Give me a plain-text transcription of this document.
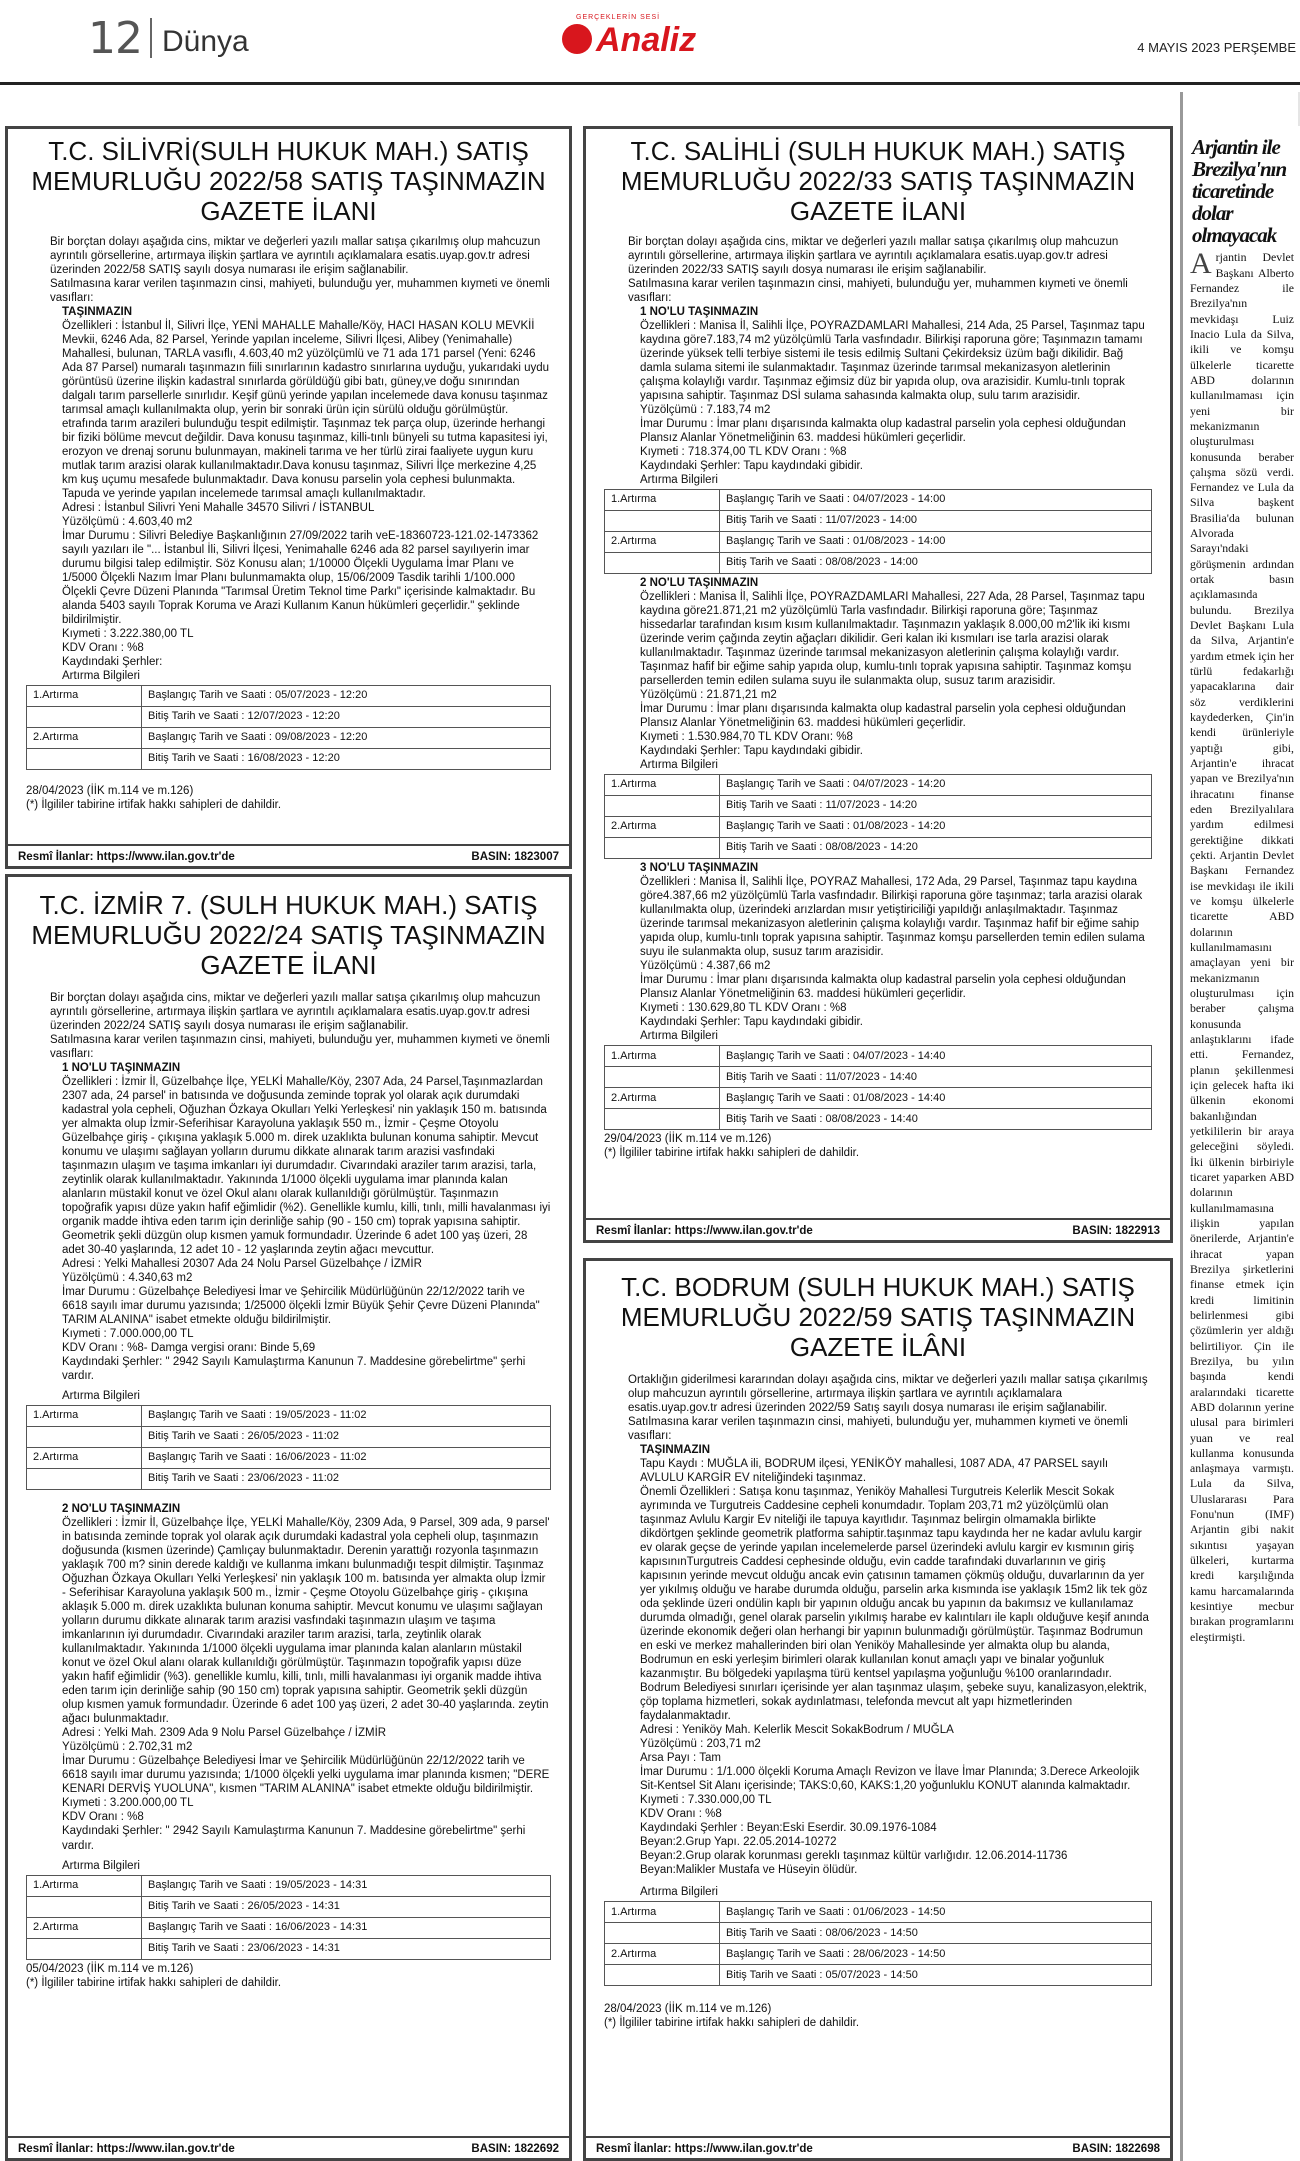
12 Dünya
GERÇEKLERİN SESİ
Analiz	4 MAYIS 2023 PERŞEMBE
T.C. SİLİVRİ(SULH HUKUK MAH.) SATIŞ MEMURLUĞU 2022/58 SATIŞ TAŞINMAZIN GAZETE İLANI

Bir borçtan dolayı aşağıda cins, miktar ve değerleri yazılı mallar satışa çıkarılmış olup mahcuzun ayrıntılı görsellerine, artırmaya ilişkin şartlara ve ayrıntılı açıklamalara esatis.uyap.gov.tr adresi üzerinden 2022/58 SATIŞ sayılı dosya numarası ile erişim sağlanabilir.

Satılmasına karar verilen taşınmazın cinsi, mahiyeti, bulunduğu yer, muhammen kıymeti ve önemli vasıfları:

TAŞINMAZIN

Özellikleri : İstanbul İl, Silivri İlçe, YENİ MAHALLE Mahalle/Köy, HACI HASAN KOLU MEVKİİ Mevkii, 6246 Ada, 82 Parsel, Yerinde yapılan inceleme, Silivri İlçesi, Alibey (Yenimahalle) Mahallesi, bulunan, TARLA vasıflı, 4.603,40 m2 yüzölçümlü ve 71 ada 171 parsel (Yeni: 6246 Ada 87 Parsel) numaralı taşınmazın fiili sınırlarının kadastro sınırlarına uyduğu, yukarıdaki uydu görüntüsü üzerine ilişkin kadastral sınırlarda görüldüğü gibi batı, güney,ve doğu sınırından dalgalı tarım parsellerle sınırlıdır. Keşif günü yerinde yapılan incelemede dava konusu taşınmaz tarımsal amaçlı kullanılmakta olup, yerin bir sonraki ürün için sürülü olduğu görülmüştür. etrafında tarım arazileri bulunduğu tespit edilmiştir. Taşınmaz tek parça olup, üzerinde herhangi bir fiziki bölüme mevcut değildir. Dava konusu taşınmaz, killi-tınlı bünyeli su tutma kapasitesi iyi, erozyon ve drenaj sorunu bulunmayan, makineli tarıma ve her türlü zirai faaliyete uygun kuru mutlak tarım arazisi olarak kullanılmaktadır.Dava konusu taşınmaz, Silivri İlçe merkezine 4,25 km kuş uçumu mesafede bulunmaktadır. Dava konusu parselin yola cephesi bulunmakta. Tapuda ve yerinde yapılan incelemede tarımsal amaçlı kullanılmaktadır.

Adresi : İstanbul Silivri Yeni Mahalle 34570 Silivri / İSTANBUL

Yüzölçümü : 4.603,40 m2

İmar Durumu : Silivri Belediye Başkanlığının 27/09/2022 tarih veE-18360723-121.02-1473362 sayılı yazıları ile "... İstanbul İli, Silivri İlçesi, Yenimahalle 6246 ada 82 parsel sayılıyerin imar durumu bilgisi talep edilmiştir. Söz Konusu alan; 1/10000 Ölçekli Uygulama İmar Planı ve 1/5000 Ölçekli Nazım İmar Planı bulunmamakta olup, 15/06/2009 Tasdik tarihli 1/100.000 Ölçekli Çevre Düzeni Planında "Tarımsal Üretim Teknol time Parkı" içerisinde kalmaktadır. Bu alanda 5403 sayılı Toprak Koruma ve Arazi Kullanım Kanun hükümleri geçerlidir." şeklinde bildirilmiştir.

Kıymeti : 3.222.380,00 TL

KDV Oranı : %8

Kaydındaki Şerhler:

Artırma Bilgileri

1.Artırma	Başlangıç Tarih ve Saati : 05/07/2023 - 12:20
	Bitiş Tarih ve Saati : 12/07/2023 - 12:20
2.Artırma	Başlangıç Tarih ve Saati : 09/08/2023 - 12:20
	Bitiş Tarih ve Saati : 16/08/2023 - 12:20

28/04/2023 (İİK m.114 ve m.126)

(*) İlgililer tabirine irtifak hakkı sahipleri de dahildir.

Resmî İlanlar: https://www.ilan.gov.tr'de	BASIN: 1823007
T.C. İZMİR 7. (SULH HUKUK MAH.) SATIŞ MEMURLUĞU 2022/24 SATIŞ TAŞINMAZIN GAZETE İLANI

Bir borçtan dolayı aşağıda cins, miktar ve değerleri yazılı mallar satışa çıkarılmış olup mahcuzun ayrıntılı görsellerine, artırmaya ilişkin şartlara ve ayrıntılı açıklamalara esatis.uyap.gov.tr adresi üzerinden 2022/24 SATIŞ sayılı dosya numarası ile erişim sağlanabilir.

Satılmasına karar verilen taşınmazın cinsi, mahiyeti, bulunduğu yer, muhammen kıymeti ve önemli vasıfları:

1 NO'LU TAŞINMAZIN

Özellikleri : İzmir İl, Güzelbahçe İlçe, YELKİ Mahalle/Köy, 2307 Ada, 24 Parsel,Taşınmazlardan 2307 ada, 24 parsel' in batısında ve doğusunda zeminde toprak yol olarak açık durumdaki kadastral yola cepheli, Oğuzhan Özkaya Okulları Yelki Yerleşkesi' nin yaklaşık 150 m. batısında yer almakta olup İzmir-Seferihisar Karayoluna yaklaşık 550 m., İzmir - Çeşme Otoyolu Güzelbahçe giriş - çıkışına yaklaşık 5.000 m. direk uzaklıkta bulunan konuma sahiptir. Mevcut konumu ve ulaşımı sağlayan yolların durumu dikkate alınarak tarım arazisi vasfındaki taşınmazın ulaşım ve taşıma imkanları iyi durumdadır. Civarındaki araziler tarım arazisi, tarla, zeytinlik olarak kullanılmaktadır. Yakınında 1/1000 ölçekli uygulama imar planında kalan alanların müstakil konut ve özel Okul alanı olarak kullanıldığı görülmüştür. Taşınmazın topoğrafik yapısı düze yakın hafif eğimlidir (%2). Genellikle kumlu, killi, tınlı, milli havalanması iyi organik madde ihtiva eden tarım için derinliğe sahip (90 - 150 cm) toprak yapısına sahiptir. Geometrik şekli düzgün olup kısmen yamuk formundadır. Üzerinde 6 adet 100 yaş üzeri, 28 adet 30-40 yaşlarında, 12 adet 10 - 12 yaşlarında zeytin ağacı mevcuttur.

Adresi : Yelki Mahallesi 20307 Ada 24 Nolu Parsel Güzelbahçe / İZMİR

Yüzölçümü : 4.340,63 m2

İmar Durumu : Güzelbahçe Belediyesi İmar ve Şehircilik Müdürlüğünün 22/12/2022 tarih ve 6618 sayılı imar durumu yazısında; 1/25000 ölçekli İzmir Büyük Şehir Çevre Düzeni Planında" TARIM ALANINA" isabet etmekte olduğu bildirilmiştir.

Kıymeti : 7.000.000,00 TL

KDV Oranı : %8- Damga vergisi oranı: Binde 5,69

Kaydındaki Şerhler: " 2942 Sayılı Kamulaştırma Kanunun 7. Maddesine görebelirtme" şerhi vardır.

Artırma Bilgileri

1.Artırma	Başlangıç Tarih ve Saati : 19/05/2023 - 11:02
	Bitiş Tarih ve Saati : 26/05/2023 - 11:02
2.Artırma	Başlangıç Tarih ve Saati : 16/06/2023 - 11:02
	Bitiş Tarih ve Saati : 23/06/2023 - 11:02

2 NO'LU TAŞINMAZIN

Özellikleri : İzmir İl, Güzelbahçe İlçe, YELKİ Mahalle/Köy, 2309 Ada, 9 Parsel, 309 ada, 9 parsel' in batısında zeminde toprak yol olarak açık durumdaki kadastral yola cepheli olup, taşınmazın doğusunda (kısmen üzerinde) Çamlıçay bulunmaktadır. Derenin yarattığı rozyonla taşınmazın yaklaşık 700 m? sinin derede kaldığı ve kullanma imkanı bulunmadığı tespit dilmiştir. Taşınmaz Oğuzhan Özkaya Okulları Yelki Yerleşkesi' nin yaklaşık 100 m. batısında yer almakta olup İzmir - Seferihisar Karayoluna yaklaşık 500 m., İzmir - Çeşme Otoyolu Güzelbahçe giriş - çıkışına aklaşık 5.000 m. direk uzaklıkta bulunan konuma sahiptir. Mevcut konumu ve ulaşımı sağlayan yolların durumu dikkate alınarak tarım arazisi vasfındaki taşınmazın ulaşım ve taşıma imkanlarının iyi durumdadır. Civarındaki araziler tarım arazisi, tarla, zeytinlik olarak kullanılmaktadır. Yakınında 1/1000 ölçekli uygulama imar planında kalan alanların müstakil konut ve özel Okul alanı olarak kullanıldığı görülmüştür. Taşınmazın topoğrafik yapısı düze yakın hafif eğimlidir (%3). genellikle kumlu, killi, tınlı, milli havalanması iyi organik madde ihtiva eden tarım için derinliğe sahip (90 150 cm) toprak yapısına sahiptir. Geometrik şekli düzgün olup kısmen yamuk formundadır. Üzerinde 6 adet 100 yaş üzeri, 2 adet 30-40 yaşlarında. zeytin ağacı bulunmaktadır.

Adresi : Yelki Mah. 2309 Ada 9 Nolu Parsel Güzelbahçe / İZMİR

Yüzölçümü : 2.702,31 m2

İmar Durumu : Güzelbahçe Belediyesi İmar ve Şehircilik Müdürlüğünün 22/12/2022 tarih ve 6618 sayılı imar durumu yazısında; 1/1000 ölçekli yelki uygulama imar planında kısmen; "DERE KENARI DERVİŞ YUOLUNA", kısmen "TARIM ALANINA" isabet etmekte olduğu bildirilmiştir.

Kıymeti : 3.200.000,00 TL

KDV Oranı : %8

Kaydındaki Şerhler: " 2942 Sayılı Kamulaştırma Kanunun 7. Maddesine görebelirtme" şerhi vardır.

Artırma Bilgileri

1.Artırma	Başlangıç Tarih ve Saati : 19/05/2023 - 14:31
	Bitiş Tarih ve Saati : 26/05/2023 - 14:31
2.Artırma	Başlangıç Tarih ve Saati : 16/06/2023 - 14:31
	Bitiş Tarih ve Saati : 23/06/2023 - 14:31

05/04/2023 (İİK m.114 ve m.126)

(*) İlgililer tabirine irtifak hakkı sahipleri de dahildir.

Resmî İlanlar: https://www.ilan.gov.tr'de	BASIN: 1822692
T.C. SALİHLİ (SULH HUKUK MAH.) SATIŞ MEMURLUĞU 2022/33 SATIŞ TAŞINMAZIN GAZETE İLANI

Bir borçtan dolayı aşağıda cins, miktar ve değerleri yazılı mallar satışa çıkarılmış olup mahcuzun ayrıntılı görsellerine, artırmaya ilişkin şartlara ve ayrıntılı açıklamalara esatis.uyap.gov.tr adresi üzerinden 2022/33 SATIŞ sayılı dosya numarası ile erişim sağlanabilir.

Satılmasına karar verilen taşınmazın cinsi, mahiyeti, bulunduğu yer, muhammen kıymeti ve önemli vasıfları:

1 NO'LU TAŞINMAZIN

Özellikleri : Manisa İl, Salihli İlçe, POYRAZDAMLARI Mahallesi, 214 Ada, 25 Parsel, Taşınmaz tapu kaydına göre7.183,74 m2 yüzölçümlü Tarla vasfındadır. Bilirkişi raporuna göre; Taşınmazın tamamı üzerinde yüksek telli terbiye sistemi ile tesis edilmiş Sultani Çekirdeksiz üzüm bağı dikilidir. Bağ damla sulama sitemi ile sulanmaktadır. Taşınmaz üzerinde tarımsal mekanizasyon aletlerinin çalışma kolaylığı vardır. Taşınmaz eğimsiz düz bir yapıda olup, ova arazisidir. Kumlu-tınlı toprak yapısına sahiptir. Taşınmaz DSİ sulama sahasında kalmakta olup, sulu tarım arazisidir.

Yüzölçümü : 7.183,74 m2

İmar Durumu : İmar planı dışarısında kalmakta olup kadastral parselin yola cephesi olduğundan Plansız Alanlar Yönetmeliğinin 63. maddesi hükümleri geçerlidir.

Kıymeti : 718.374,00 TL KDV Oranı : %8

Kaydındaki Şerhler: Tapu kaydındaki gibidir.

Artırma Bilgileri

1.Artırma	Başlangıç Tarih ve Saati : 04/07/2023 - 14:00
	Bitiş Tarih ve Saati : 11/07/2023 - 14:00
2.Artırma	Başlangıç Tarih ve Saati : 01/08/2023 - 14:00
	Bitiş Tarih ve Saati : 08/08/2023 - 14:00

2 NO'LU TAŞINMAZIN

Özellikleri : Manisa İl, Salihli İlçe, POYRAZDAMLARI Mahallesi, 227 Ada, 28 Parsel, Taşınmaz tapu kaydına göre21.871,21 m2 yüzölçümlü Tarla vasfındadır. Bilirkişi raporuna göre; Taşınmaz hissedarlar tarafından kısım kısım kullanılmaktadır. Taşınmazın yaklaşık 8.000,00 m2'lik iki kısmı üzerinde verim çağında zeytin ağaçları dikilidir. Geri kalan iki kısmıları ise tarla arazisi olarak kullanılmaktadır. Taşınmaz üzerinde tarımsal mekanizasyon aletlerinin çalışma kolaylığı vardır. Taşınmaz hafif bir eğime sahip yapıda olup, kumlu-tınlı toprak yapısına sahiptir. Taşınmaz komşu parsellerden temin edilen sulama suyu ile sulanmakta olup, susuz tarım arazisidir.

Yüzölçümü : 21.871,21 m2

İmar Durumu : İmar planı dışarısında kalmakta olup kadastral parselin yola cephesi olduğundan Plansız Alanlar Yönetmeliğinin 63. maddesi hükümleri geçerlidir.

Kıymeti : 1.530.984,70 TL KDV Oranı: %8

Kaydındaki Şerhler: Tapu kaydındaki gibidir.

Artırma Bilgileri

1.Artırma	Başlangıç Tarih ve Saati : 04/07/2023 - 14:20
	Bitiş Tarih ve Saati : 11/07/2023 - 14:20
2.Artırma	Başlangıç Tarih ve Saati : 01/08/2023 - 14:20
	Bitiş Tarih ve Saati : 08/08/2023 - 14:20

3 NO'LU TAŞINMAZIN

Özellikleri : Manisa İl, Salihli İlçe, POYRAZ Mahallesi, 172 Ada, 29 Parsel, Taşınmaz tapu kaydına göre4.387,66 m2 yüzölçümlü Tarla vasfındadır. Bilirkişi raporuna göre taşınmaz; tarla arazisi olarak kullanılmakta olup, üzerindeki arızlardan mısır yetiştiriciliği yapıldığı anlaşılmaktadır. Taşınmaz üzerinde tarımsal mekanizasyon aletlerinin çalışma kolaylığı vardır. Taşınmaz hafif bir eğime sahip yapıda olup, kumlu-tınlı toprak yapısına sahiptir. Taşınmaz komşu parsellerden temin edilen sulama suyu ile sulanmakta olup, susuz tarım arazisidir.

Yüzölçümü : 4.387,66 m2

İmar Durumu : İmar planı dışarısında kalmakta olup kadastral parselin yola cephesi olduğundan Plansız Alanlar Yönetmeliğinin 63. maddesi hükümleri geçerlidir.

Kıymeti : 130.629,80 TL KDV Oranı : %8

Kaydındaki Şerhler: Tapu kaydındaki gibidir.

Artırma Bilgileri

1.Artırma	Başlangıç Tarih ve Saati : 04/07/2023 - 14:40
	Bitiş Tarih ve Saati : 11/07/2023 - 14:40
2.Artırma	Başlangıç Tarih ve Saati : 01/08/2023 - 14:40
	Bitiş Tarih ve Saati : 08/08/2023 - 14:40

29/04/2023 (İİK m.114 ve m.126)

(*) İlgililer tabirine irtifak hakkı sahipleri de dahildir.

Resmî İlanlar: https://www.ilan.gov.tr'de	BASIN: 1822913
T.C. BODRUM (SULH HUKUK MAH.) SATIŞ MEMURLUĞU 2022/59 SATIŞ TAŞINMAZIN GAZETE İLÂNI

Ortaklığın giderilmesi kararından dolayı aşağıda cins, miktar ve değerleri yazılı mallar satışa çıkarılmış olup mahcuzun ayrıntılı görsellerine, artırmaya ilişkin şartlara ve ayrıntılı açıklamalara esatis.uyap.gov.tr adresi üzerinden 2022/59 Satış sayılı dosya numarası ile erişim sağlanabilir.

Satılmasına karar verilen taşınmazın cinsi, mahiyeti, bulunduğu yer, muhammen kıymeti ve önemli vasıfları:

TAŞINMAZIN

Tapu Kaydı : MUĞLA ili, BODRUM ilçesi, YENİKÖY mahallesi, 1087 ADA, 47 PARSEL sayılı AVLULU KARGİR EV niteliğindeki taşınmaz.

Önemli Özellikleri : Satışa konu taşınmaz, Yeniköy Mahallesi Turgutreis Kelerlik Mescit Sokak ayrımında ve Turgutreis Caddesine cepheli konumdadır. Toplam 203,71 m2 yüzölçümlü olan taşınmaz Avlulu Kargir Ev niteliği ile tapuya kayıtlıdır. Taşınmaz belirgin olmamakla birlikte dikdörtgen şeklinde geometrik platforma sahiptir.taşınmaz tapu kaydında her ne kadar avlulu kargir ev olarak geçse de yerinde yapılan incelemelerde parsel üzerindeki avlulu kargir ev kısmının giriş kapısınınTurgutreis Caddesi cephesinde olduğu, evin cadde tarafındaki duvarlarının ve giriş kapısının yerinde mevcut olduğu ancak evin çatısının tamamen çökmüş olduğu, duvarlarının da yer yer yıkılmış olduğu ve harabe durumda olduğu, parselin arka kısmında ise yaklaşık 15m2 lik tek göz oda şeklinde üzeri ondülin kaplı bir yapının olduğu ancak bu yapının da bakımsız ve kullanılamaz durumda olmadığı, genel olarak parselin yıkılmış harabe ev kalıntıları ile kaplı olduğuve keşif anında üzerinde ekonomik değeri olan herhangi bir yapının bulunmadığı görülmüştür. Taşınmaz Bodrumun en eski ve merkez mahallerinden biri olan Yeniköy Mahallesinde yer almakta olup bu alanda, Bodrumun en eski yerleşim birimleri olarak kullanılan konut amaçlı yapı ve binalar yoğunluk kazanmıştır. Bu bölgedeki yapılaşma türü kentsel yapılaşma yoğunluğu %100 oranlarındadır. Bodrum Belediyesi sınırları içerisinde yer alan taşınmaz ulaşım, şebeke suyu, kanalizasyon,elektrik, çöp toplama hizmetleri, sokak aydınlatması, telefonda mevcut alt yapı hizmetlerinden faydalanmaktadır.

Adresi : Yeniköy Mah. Kelerlik Mescit SokakBodrum / MUĞLA

Yüzölçümü : 203,71 m2

Arsa Payı : Tam

İmar Durumu : 1/1.000 ölçekli Koruma Amaçlı Revizon ve İlave İmar Planında; 3.Derece Arkeolojik Sit-Kentsel Sit Alanı içerisinde; TAKS:0,60, KAKS:1,20 yoğunluklu KONUT alanında kalmaktadır.

Kıymeti : 7.330.000,00 TL

KDV Oranı : %8

Kaydındaki Şerhler : Beyan:Eski Eserdir. 30.09.1976-1084

Beyan:2.Grup Yapı. 22.05.2014-10272

Beyan:2.Grup olarak korunması gereklı taşınmaz kültür varlığıdır. 12.06.2014-11736

Beyan:Malikler Mustafa ve Hüseyin ölüdür.

Artırma Bilgileri

1.Artırma	Başlangıç Tarih ve Saati : 01/06/2023 - 14:50
	Bitiş Tarih ve Saati : 08/06/2023 - 14:50
2.Artırma	Başlangıç Tarih ve Saati : 28/06/2023 - 14:50
	Bitiş Tarih ve Saati : 05/07/2023 - 14:50

28/04/2023 (İİK m.114 ve m.126)

(*) İlgililer tabirine irtifak hakkı sahipleri de dahildir.

Resmî İlanlar: https://www.ilan.gov.tr'de	BASIN: 1822698
Arjantin ile Brezilya'nın ticaretinde dolar olmayacak
Arjantin Devlet Başkanı Alberto Fernandez ile Brezilya'nın mevkidaşı Luiz Inacio Lula da Silva, ikili ve komşu ülkelerle ticarette ABD dolarının kullanılmaması için yeni bir mekanizmanın oluşturulması konusunda beraber çalışma sözü verdi. Fernandez ve Lula da Silva başkent Brasilia'da bulunan Alvorada Sarayı'ndaki görüşmenin ardından ortak basın açıklamasında bulundu. Brezilya Devlet Başkanı Lula da Silva, Arjantin'e yardım etmek için her türlü fedakarlığı yapacaklarına dair söz verdiklerini kaydederken, Çin'in kendi ürünleriyle yaptığı gibi, Arjantin'e ihracat yapan ve Brezilya'nın ihracatını finanse eden Brezilyalılara yardım edilmesi gerektiğine dikkati çekti. Arjantin Devlet Başkanı Fernandez ise mevkidaşı ile ikili ve komşu ülkelerle ticarette ABD dolarının kullanılmamasını amaçlayan yeni bir mekanizmanın oluşturulması için beraber çalışma konusunda anlaştıklarını ifade etti. Fernandez, planın şekillenmesi için gelecek hafta iki ülkenin ekonomi bakanlığından yetkililerin bir araya geleceğini söyledi. İki ülkenin birbiriyle ticaret yaparken ABD dolarının kullanılmamasına ilişkin yapılan önerilerde, Arjantin'e ihracat yapan Brezilya şirketlerini finanse etmek için kredi limitinin belirlenmesi gibi çözümlerin yer aldığı belirtiliyor. Çin ile Brezilya, bu yılın başında kendi aralarındaki ticarette ABD dolarının yerine ulusal para birimleri yuan ve real kullanma konusunda anlaşmaya varmıştı. Lula da Silva, Uluslararası Para Fonu'nun (IMF) Arjantin gibi nakit sıkıntısı yaşayan ülkeleri, kurtarma kredi karşılığında kamu harcamalarında kesintiye mecbur bırakan programlarını eleştirmişti.
